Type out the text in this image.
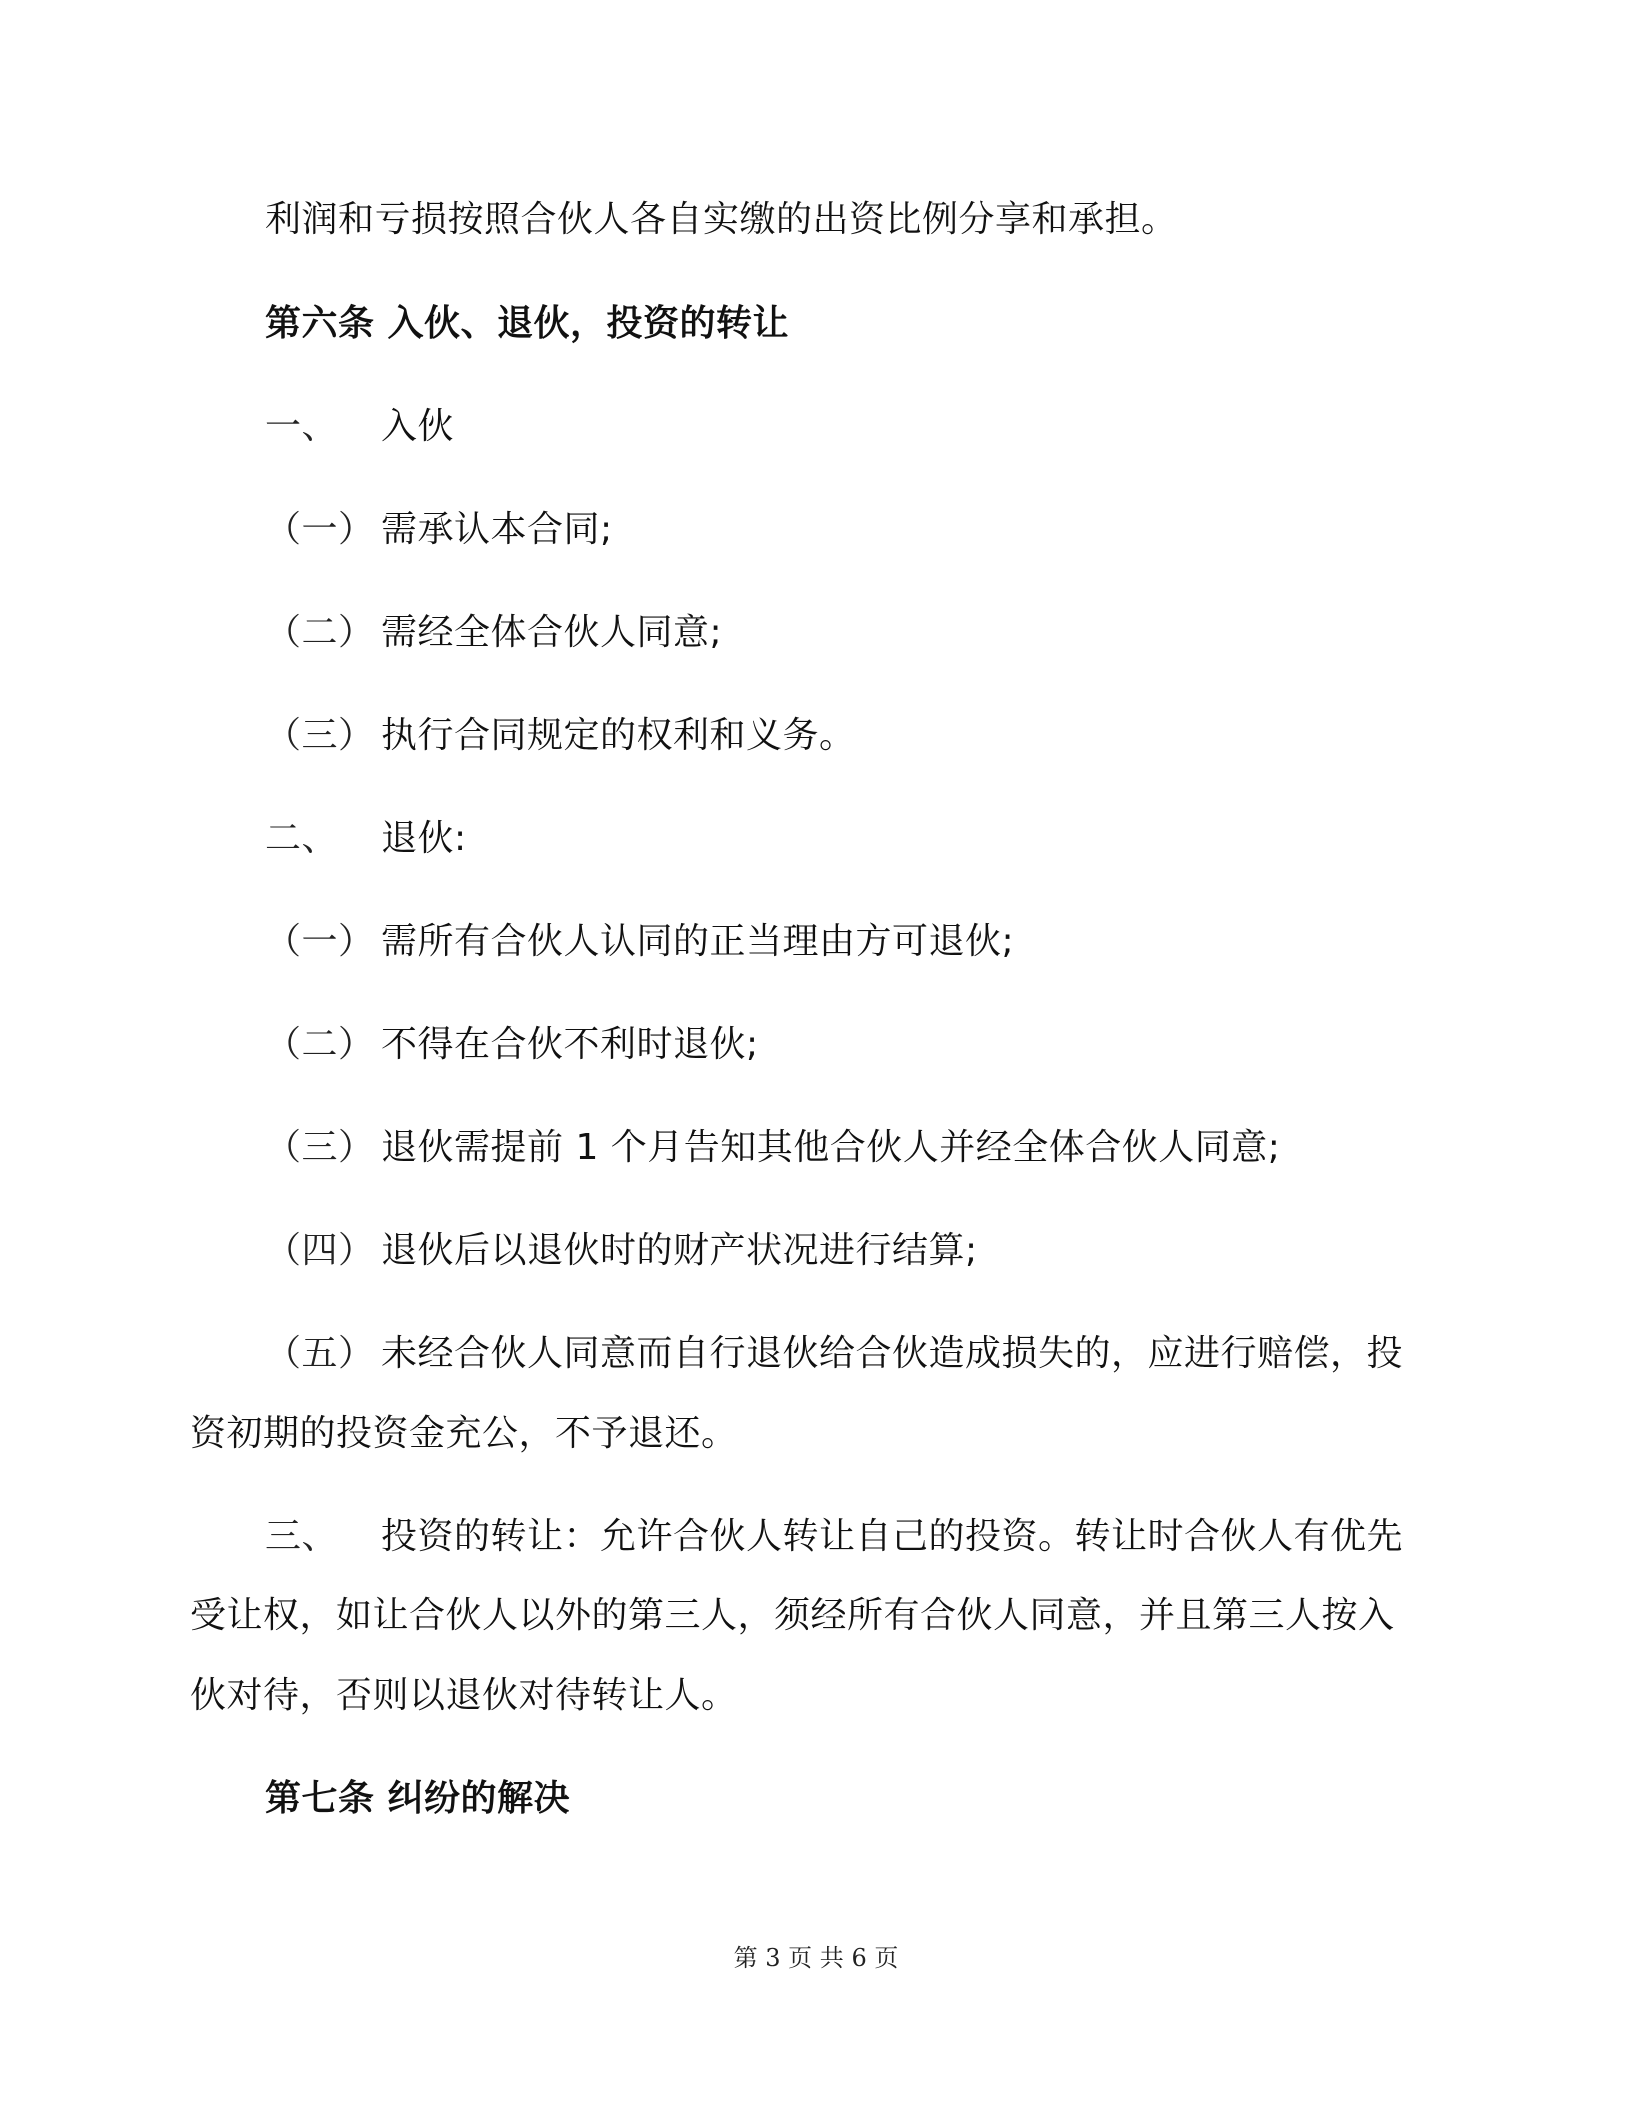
利润和亏损按照合伙人各自实缴的出资比例分享和承担。

第六条 入伙、退伙，投资的转让

一、 入伙

（一） 需承认本合同;

（二） 需经全体合伙人同意;

（三） 执行合同规定的权利和义务。

二、 退伙:

（一） 需所有合伙人认同的正当理由方可退伙;

（二） 不得在合伙不利时退伙;

（三） 退伙需提前 1 个月告知其他合伙人并经全体合伙人同意;

（四） 退伙后以退伙时的财产状况进行结算;

（五） 未经合伙人同意而自行退伙给合伙造成损失的，应进行赔偿，投

资初期的投资金充公，不予退还。

三、 投资的转让：允许合伙人转让自己的投资。转让时合伙人有优先

受让权，如让合伙人以外的第三人，须经所有合伙人同意，并且第三人按入

伙对待，否则以退伙对待转让人。

第七条 纠纷的解决

第 3 页 共 6 页
